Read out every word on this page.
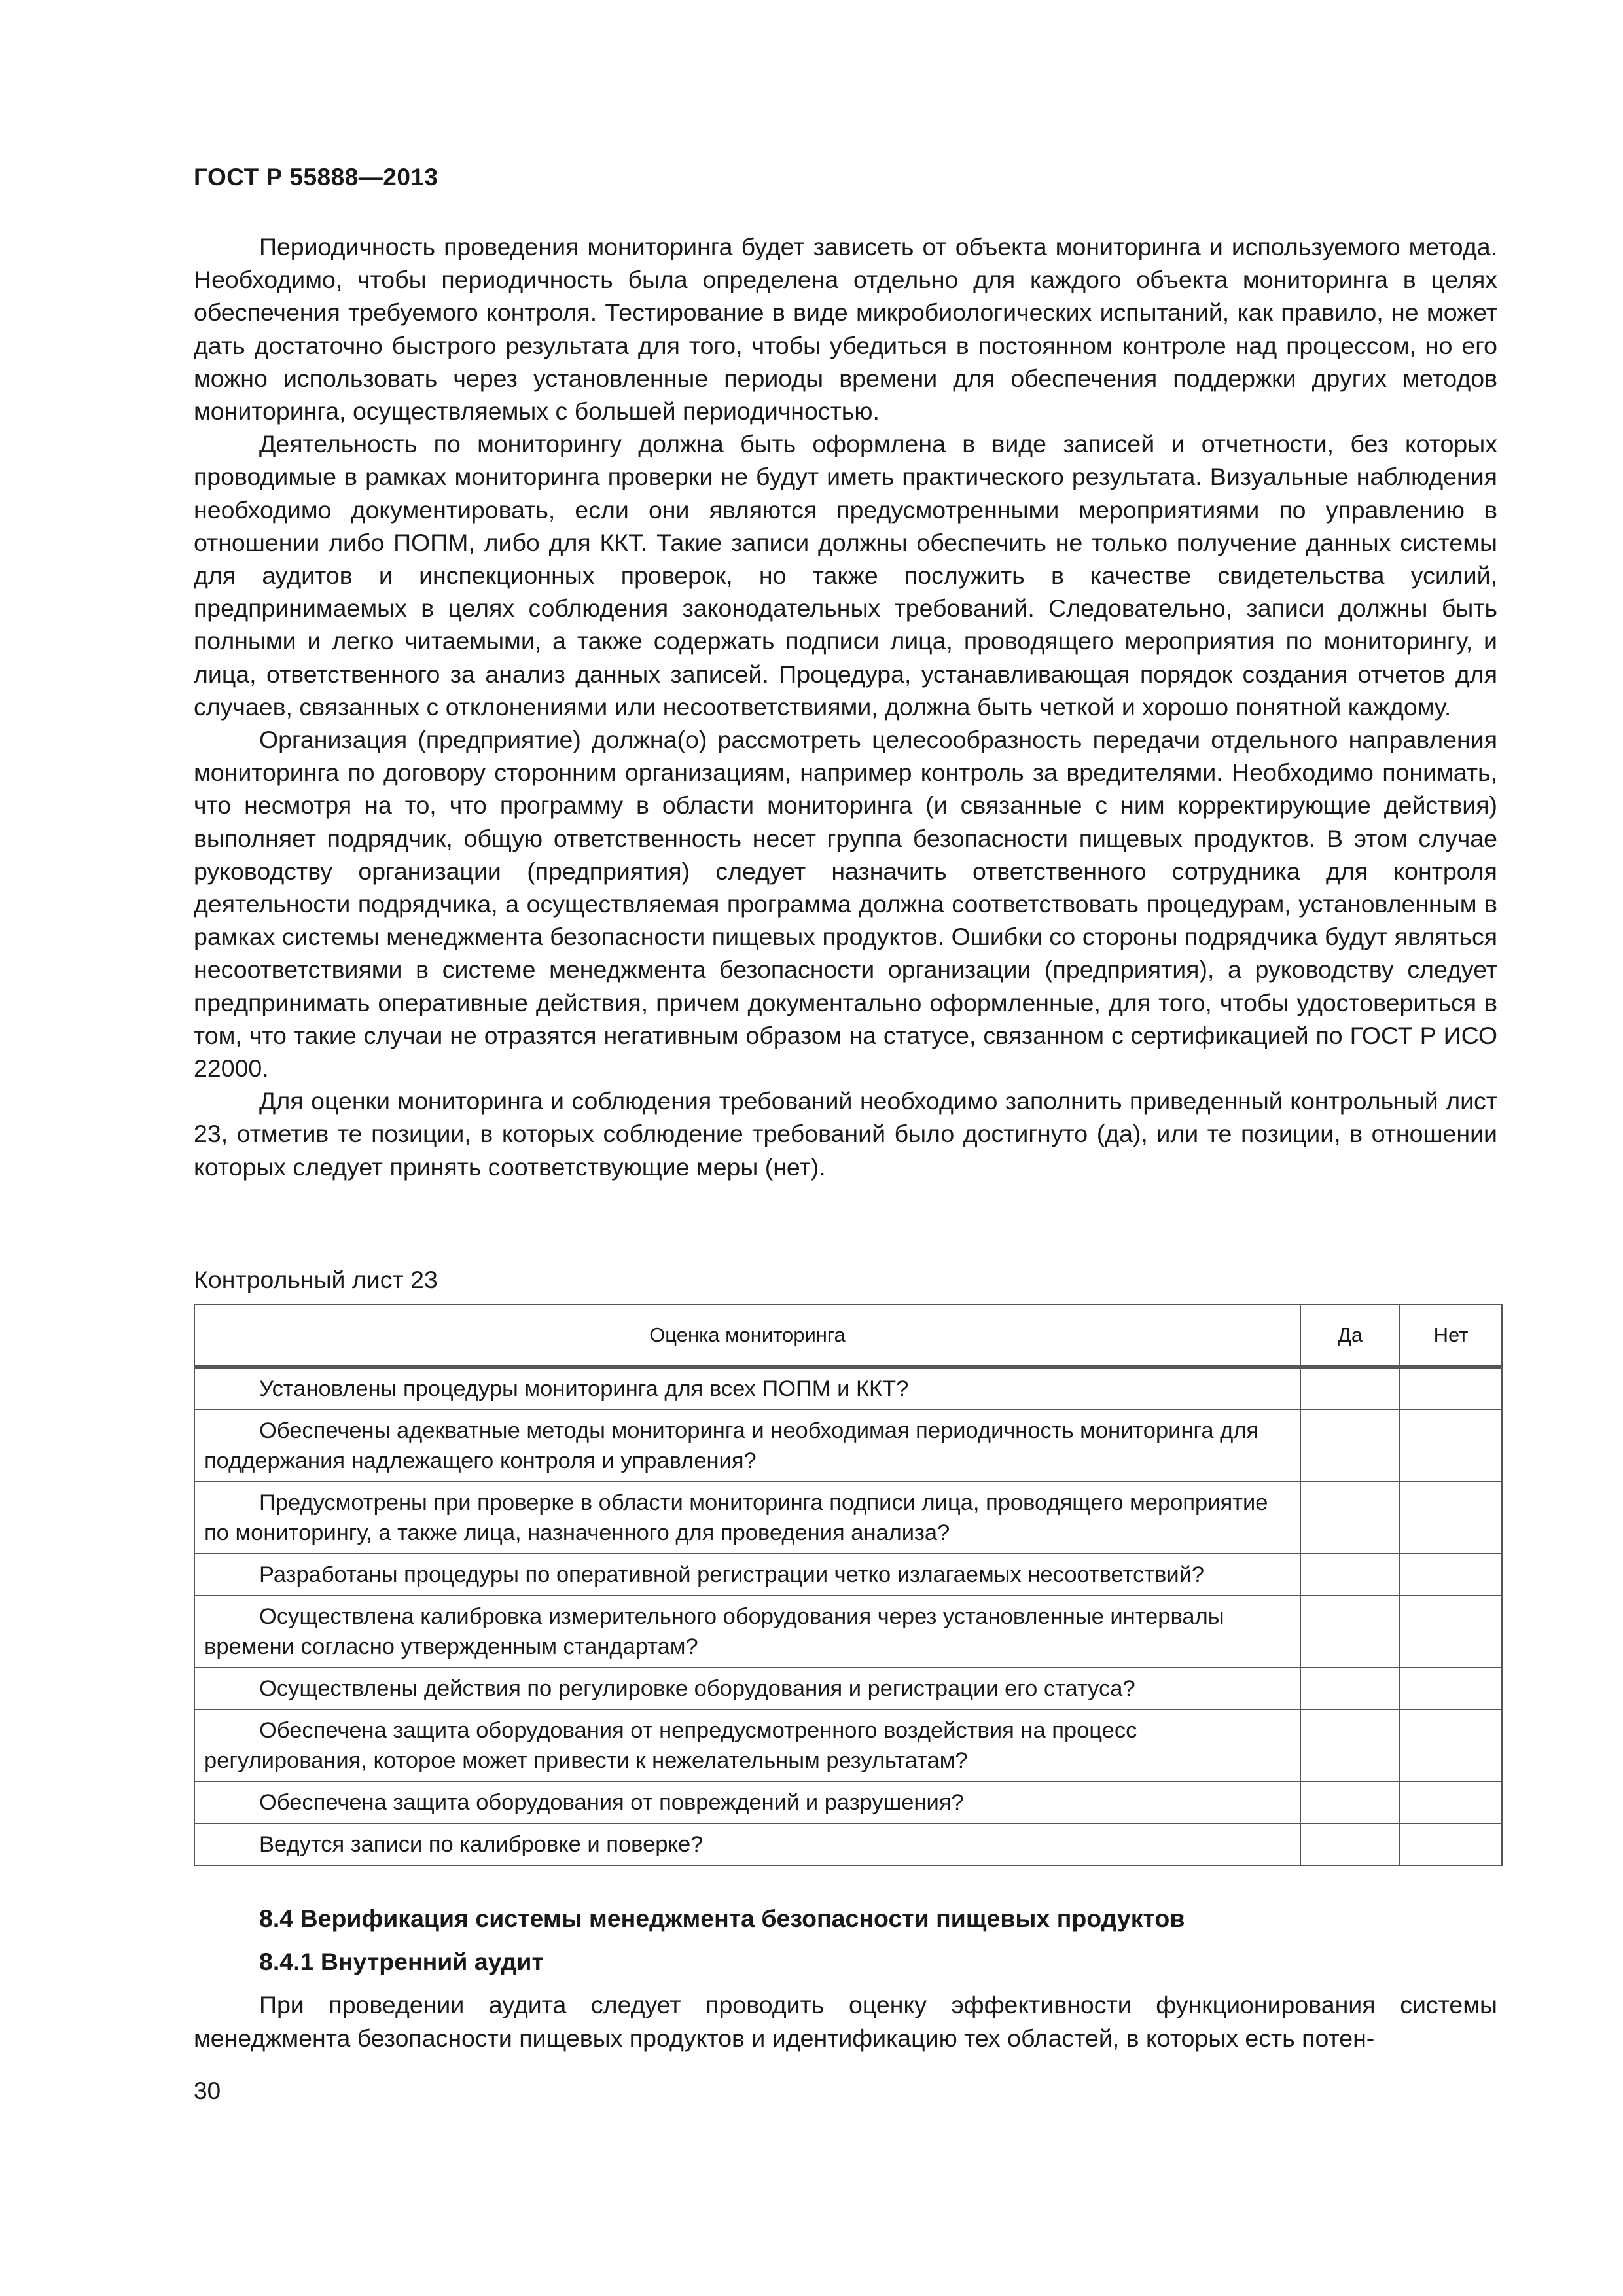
ГОСТ Р 55888—2013

Периодичность проведения мониторинга будет зависеть от объекта мониторинга и используемого метода. Необходимо, чтобы периодичность была определена отдельно для каждого объекта мониторинга в целях обеспечения требуемого контроля. Тестирование в виде микробиологических испытаний, как правило, не может дать достаточно быстрого результата для того, чтобы убедиться в постоянном контроле над процессом, но его можно использовать через установленные периоды времени для обеспечения поддержки других методов мониторинга, осуществляемых с большей периодичностью.

Деятельность по мониторингу должна быть оформлена в виде записей и отчетности, без которых проводимые в рамках мониторинга проверки не будут иметь практического результата. Визуальные наблюдения необходимо документировать, если они являются предусмотренными мероприятиями по управлению в отношении либо ПОПМ, либо для ККТ. Такие записи должны обеспечить не только получение данных системы для аудитов и инспекционных проверок, но также послужить в качестве свидетельства усилий, предпринимаемых в целях соблюдения законодательных требований. Следовательно, записи должны быть полными и легко читаемыми, а также содержать подписи лица, проводящего мероприятия по мониторингу, и лица, ответственного за анализ данных записей. Процедура, устанавливающая порядок создания отчетов для случаев, связанных с отклонениями или несоответствиями, должна быть четкой и хорошо понятной каждому.

Организация (предприятие) должна(о) рассмотреть целесообразность передачи отдельного направления мониторинга по договору сторонним организациям, например контроль за вредителями. Необходимо понимать, что несмотря на то, что программу в области мониторинга (и связанные с ним корректирующие действия) выполняет подрядчик, общую ответственность несет группа безопасности пищевых продуктов. В этом случае руководству организации (предприятия) следует назначить ответственного сотрудника для контроля деятельности подрядчика, а осуществляемая программа должна соответствовать процедурам, установленным в рамках системы менеджмента безопасности пищевых продуктов. Ошибки со стороны подрядчика будут являться несоответствиями в системе менеджмента безопасности организации (предприятия), а руководству следует предпринимать оперативные действия, причем документально оформленные, для того, чтобы удостовериться в том, что такие случаи не отразятся негативным образом на статусе, связанном с сертификацией по ГОСТ Р ИСО 22000.

Для оценки мониторинга и соблюдения требований необходимо заполнить приведенный контрольный лист 23, отметив те позиции, в которых соблюдение требований было достигнуто (да), или те позиции, в отношении которых следует принять соответствующие меры (нет).

Контрольный лист 23
Оценка мониторинга	Да	Нет
Установлены процедуры мониторинга для всех ПОПМ и ККТ?		
Обеспечены адекватные методы мониторинга и необходимая периодичность мониторинга для поддержания надлежащего контроля и управления?		
Предусмотрены при проверке в области мониторинга подписи лица, проводящего мероприятие по мониторингу, а также лица, назначенного для проведения анализа?		
Разработаны процедуры по оперативной регистрации четко излагаемых несоответствий?		
Осуществлена калибровка измерительного оборудования через установленные интервалы времени согласно утвержденным стандартам?		
Осуществлены действия по регулировке оборудования и регистрации его статуса?		
Обеспечена защита оборудования от непредусмотренного воздействия на процесс регулирования, которое может привести к нежелательным результатам?		
Обеспечена защита оборудования от повреждений и разрушения?		
Ведутся записи по калибровке и поверке?		
8.4 Верификация системы менеджмента безопасности пищевых продуктов
8.4.1 Внутренний аудит

При проведении аудита следует проводить оценку эффективности функционирования системы менеджмента безопасности пищевых продуктов и идентификацию тех областей, в которых есть потен-

30
